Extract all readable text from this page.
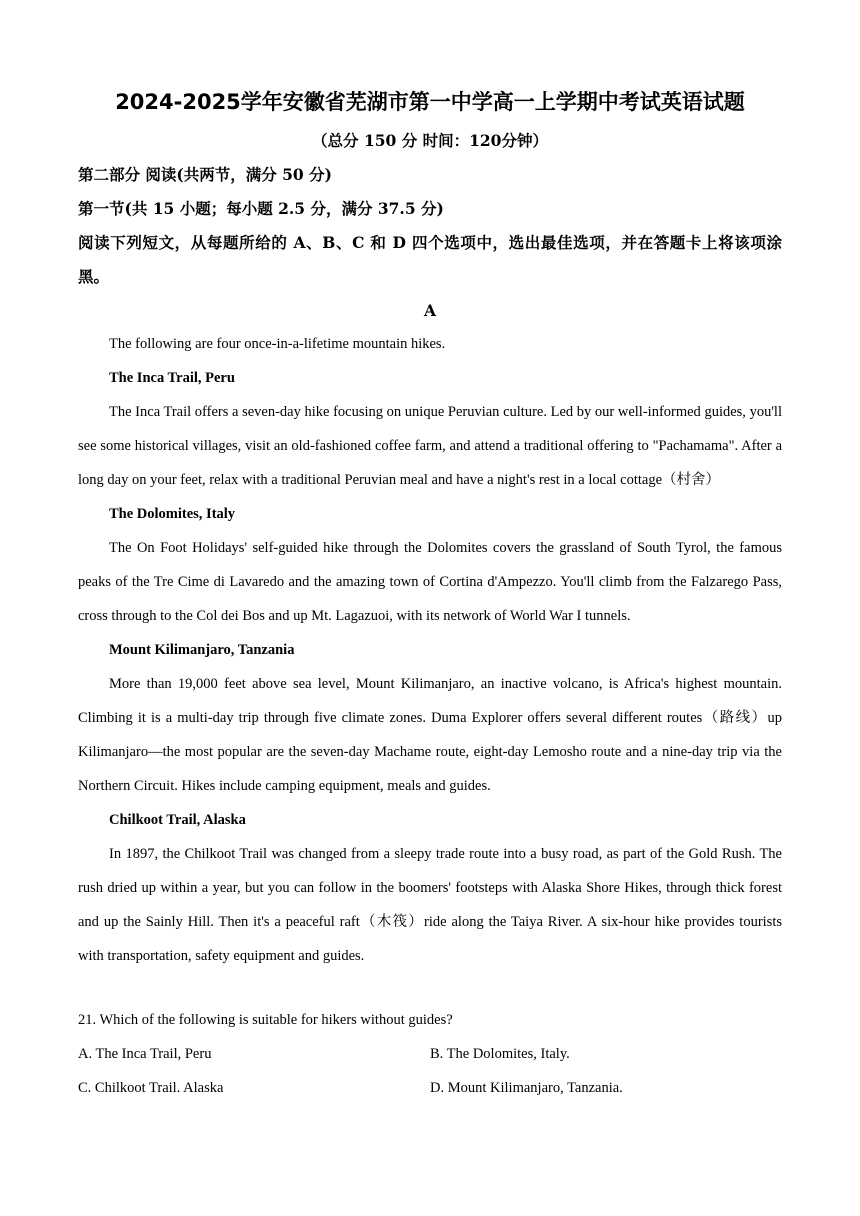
2024-2025学年安徽省芜湖市第一中学高一上学期中考试英语试题
（总分 150 分 时间：120分钟）
第二部分 阅读(共两节，满分 50 分)
第一节(共 15 小题；每小题 2.5 分，满分 37.5 分)
阅读下列短文，从每题所给的 A、B、C 和 D 四个选项中，选出最佳选项，并在答题卡上将该项涂黑。
A

The following are four once-in-a-lifetime mountain hikes.

The Inca Trail, Peru

The Inca Trail offers a seven-day hike focusing on unique Peruvian culture. Led by our well-informed guides, you'll see some historical villages, visit an old-fashioned coffee farm, and attend a traditional offering to "Pachamama". After a long day on your feet, relax with a traditional Peruvian meal and have a night's rest in a local cottage（村舍）

The Dolomites, Italy

The On Foot Holidays' self-guided hike through the Dolomites covers the grassland of South Tyrol, the famous peaks of the Tre Cime di Lavaredo and the amazing town of Cortina d'Ampezzo. You'll climb from the Falzarego Pass, cross through to the Col dei Bos and up Mt. Lagazuoi, with its network of World War I tunnels.

Mount Kilimanjaro, Tanzania

More than 19,000 feet above sea level, Mount Kilimanjaro, an inactive volcano, is Africa's highest mountain. Climbing it is a multi-day trip through five climate zones. Duma Explorer offers several different routes（路线）up Kilimanjaro—the most popular are the seven-day Machame route, eight-day Lemosho route and a nine-day trip via the Northern Circuit. Hikes include camping equipment, meals and guides.

Chilkoot Trail, Alaska

In 1897, the Chilkoot Trail was changed from a sleepy trade route into a busy road, as part of the Gold Rush. The rush dried up within a year, but you can follow in the boomers' footsteps with Alaska Shore Hikes, through thick forest and up the Sainly Hill. Then it's a peaceful raft（木筏）ride along the Taiya River. A six-hour hike provides tourists with transportation, safety equipment and guides.

21. Which of the following is suitable for hikers without guides?
A. The Inca Trail, Peru	B. The Dolomites, Italy.
C. Chilkoot Trail. Alaska	D. Mount Kilimanjaro, Tanzania.
